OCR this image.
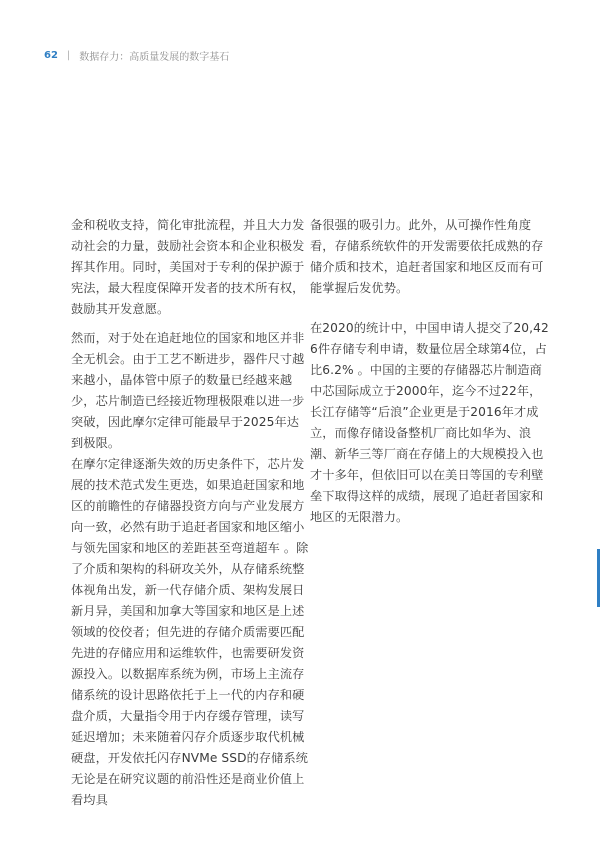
62 | 数据存力：高质量发展的数字基石

金和税收支持，简化审批流程，并且大力发动社会的力量，鼓励社会资本和企业积极发挥其作用。同时，美国对于专利的保护源于宪法，最大程度保障开发者的技术所有权，鼓励其开发意愿。

然而，对于处在追赶地位的国家和地区并非全无机会。由于工艺不断进步，器件尺寸越来越小，晶体管中原子的数量已经越来越少，芯片制造已经接近物理极限难以进一步突破，因此摩尔定律可能最早于2025年达到极限。

在摩尔定律逐渐失效的历史条件下，芯片发展的技术范式发生更迭，如果追赶国家和地区的前瞻性的存储器投资方向与产业发展方向一致，必然有助于追赶者国家和地区缩小与领先国家和地区的差距甚至弯道超车 。除了介质和架构的科研攻关外，从存储系统整体视角出发，新一代存储介质、架构发展日新月异，美国和加拿大等国家和地区是上述领域的佼佼者；但先进的存储介质需要匹配先进的存储应用和运维软件，也需要研发资源投入。以数据库系统为例，市场上主流存储系统的设计思路依托于上一代的内存和硬盘介质，大量指令用于内存缓存管理，读写延迟增加；未来随着闪存介质逐步取代机械硬盘，开发依托闪存NVMe SSD的存储系统无论是在研究议题的前沿性还是商业价值上看均具

备很强的吸引力。此外，从可操作性角度看，存储系统软件的开发需要依托成熟的存储介质和技术，追赶者国家和地区反而有可能掌握后发优势。

在2020的统计中，中国申请人提交了20,426件存储专利申请，数量位居全球第4位，占比6.2% 。中国的主要的存储器芯片制造商中芯国际成立于2000年，迄今不过22年，长江存储等“后浪”企业更是于2016年才成立，而像存储设备整机厂商比如华为、浪潮、新华三等厂商在存储上的大规模投入也才十多年，但依旧可以在美日等国的专利壁垒下取得这样的成绩，展现了追赶者国家和地区的无限潜力。
